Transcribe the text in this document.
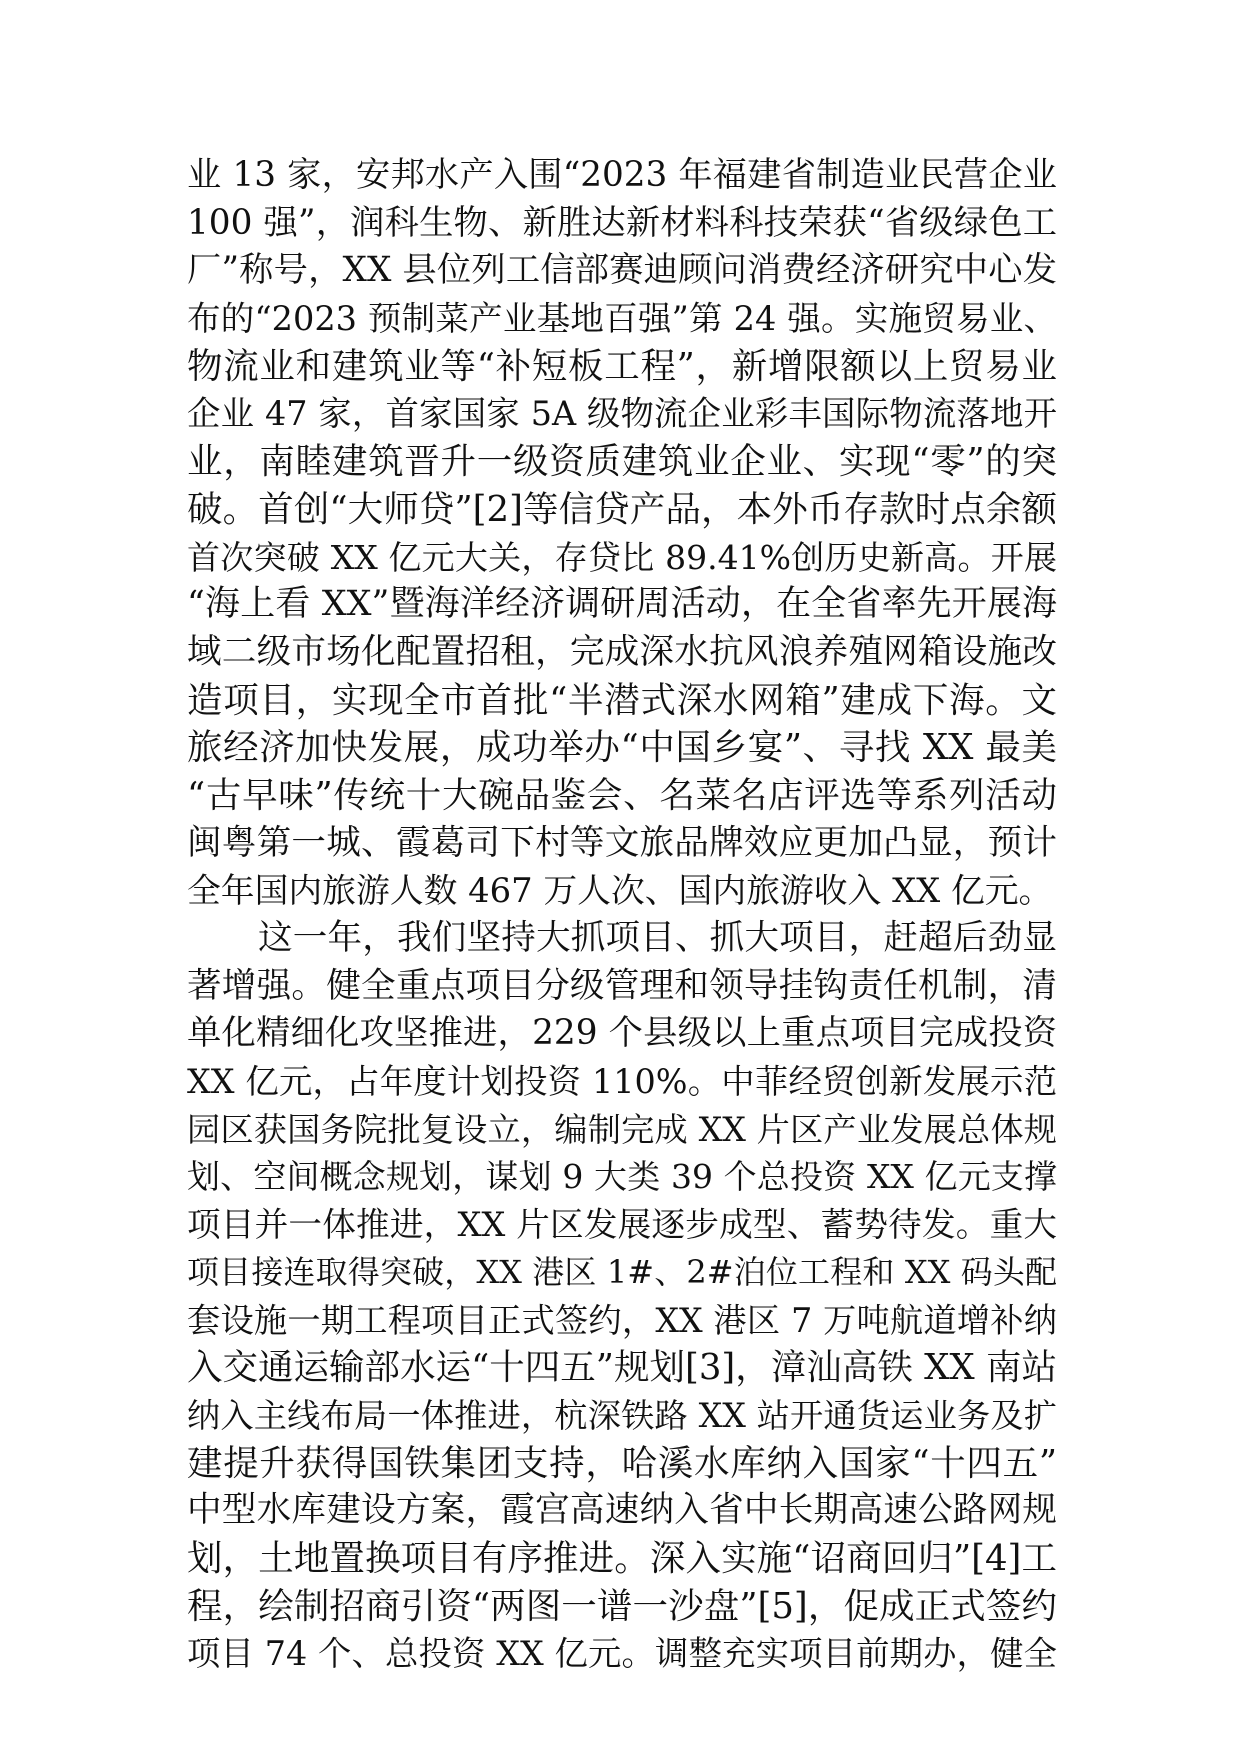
业 13 家，安邦水产入围“2023 年福建省制造业民营企业
100 强”，润科生物、新胜达新材料科技荣获“省级绿色工
厂”称号，XX 县位列工信部赛迪顾问消费经济研究中心发
布的“2023 预制菜产业基地百强”第 24 强。实施贸易业、
物流业和建筑业等“补短板工程”，新增限额以上贸易业
企业 47 家，首家国家 5A 级物流企业彩丰国际物流落地开
业，南睦建筑晋升一级资质建筑业企业、实现“零”的突
破。首创“大师贷”[2]等信贷产品，本外币存款时点余额
首次突破 XX 亿元大关，存贷比 89.41%创历史新高。开展
“海上看 XX”暨海洋经济调研周活动，在全省率先开展海
域二级市场化配置招租，完成深水抗风浪养殖网箱设施改
造项目，实现全市首批“半潜式深水网箱”建成下海。文
旅经济加快发展，成功举办“中国乡宴”、寻找 XX 最美
“古早味”传统十大碗品鉴会、名菜名店评选等系列活动
闽粤第一城、霞葛司下村等文旅品牌效应更加凸显，预计
全年国内旅游人数 467 万人次、国内旅游收入 XX 亿元。
这一年，我们坚持大抓项目、抓大项目，赶超后劲显
著增强。健全重点项目分级管理和领导挂钩责任机制，清
单化精细化攻坚推进，229 个县级以上重点项目完成投资
XX 亿元，占年度计划投资 110%。中菲经贸创新发展示范
园区获国务院批复设立，编制完成 XX 片区产业发展总体规
划、空间概念规划，谋划 9 大类 39 个总投资 XX 亿元支撑
项目并一体推进，XX 片区发展逐步成型、蓄势待发。重大
项目接连取得突破，XX 港区 1#、2#泊位工程和 XX 码头配
套设施一期工程项目正式签约，XX 港区 7 万吨航道增补纳
入交通运输部水运“十四五”规划[3]，漳汕高铁 XX 南站
纳入主线布局一体推进，杭深铁路 XX 站开通货运业务及扩
建提升获得国铁集团支持，哈溪水库纳入国家“十四五”
中型水库建设方案，霞宫高速纳入省中长期高速公路网规
划，土地置换项目有序推进。深入实施“诏商回归”[4]工
程，绘制招商引资“两图一谱一沙盘”[5]，促成正式签约
项目 74 个、总投资 XX 亿元。调整充实项目前期办，健全
